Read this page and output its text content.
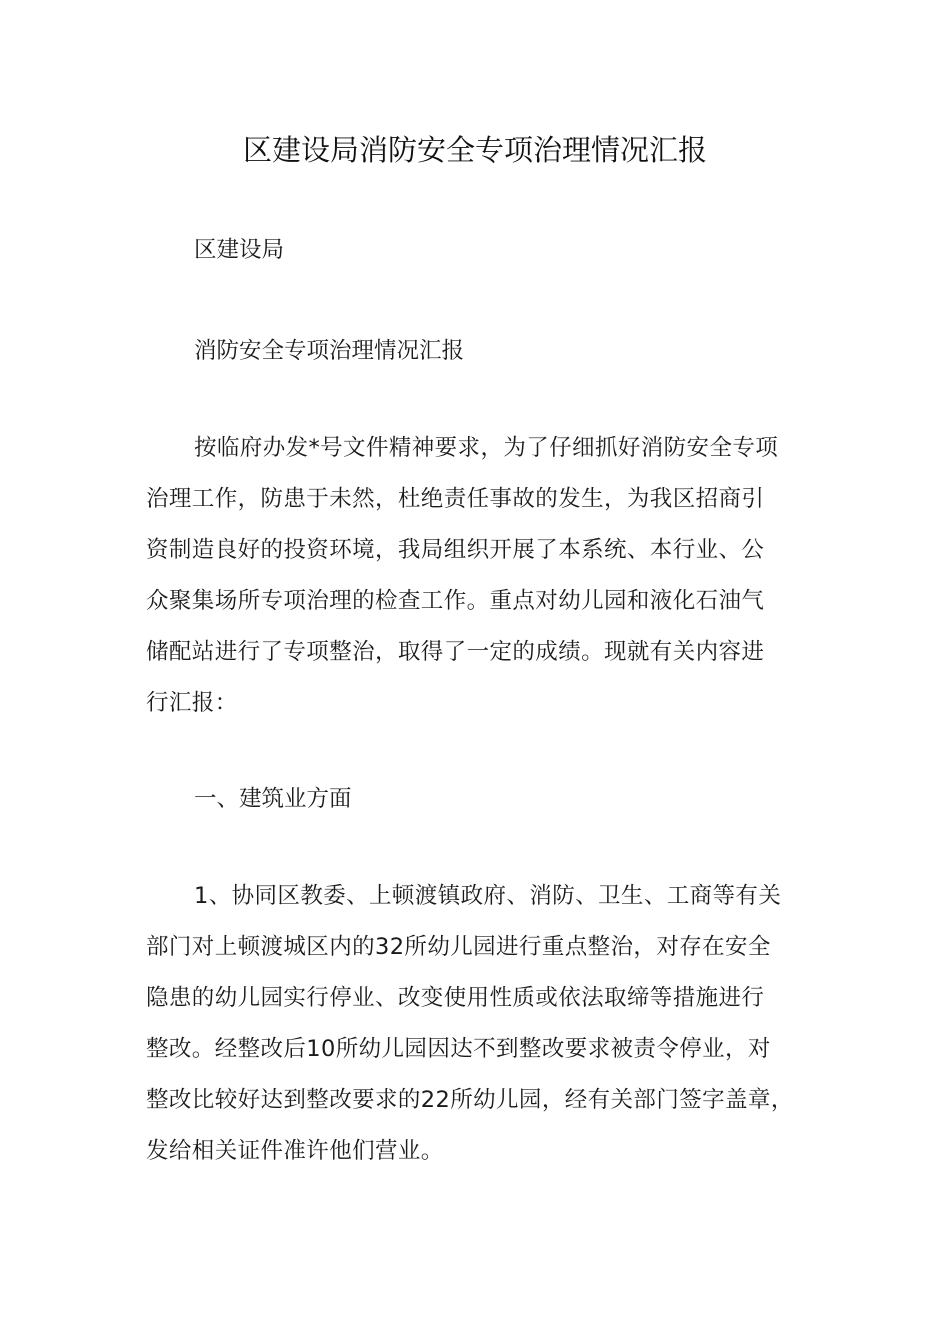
区建设局消防安全专项治理情况汇报
区建设局
消防安全专项治理情况汇报
按临府办发*号文件精神要求，为了仔细抓好消防安全专项
治理工作，防患于未然，杜绝责任事故的发生，为我区招商引
资制造良好的投资环境，我局组织开展了本系统、本行业、公
众聚集场所专项治理的检查工作。重点对幼儿园和液化石油气
储配站进行了专项整治，取得了一定的成绩。现就有关内容进
行汇报：
一、建筑业方面
1、协同区教委、上顿渡镇政府、消防、卫生、工商等有关
部门对上顿渡城区内的32所幼儿园进行重点整治，对存在安全
隐患的幼儿园实行停业、改变使用性质或依法取缔等措施进行
整改。经整改后10所幼儿园因达不到整改要求被责令停业，对
整改比较好达到整改要求的22所幼儿园，经有关部门签字盖章，
发给相关证件准许他们营业。
